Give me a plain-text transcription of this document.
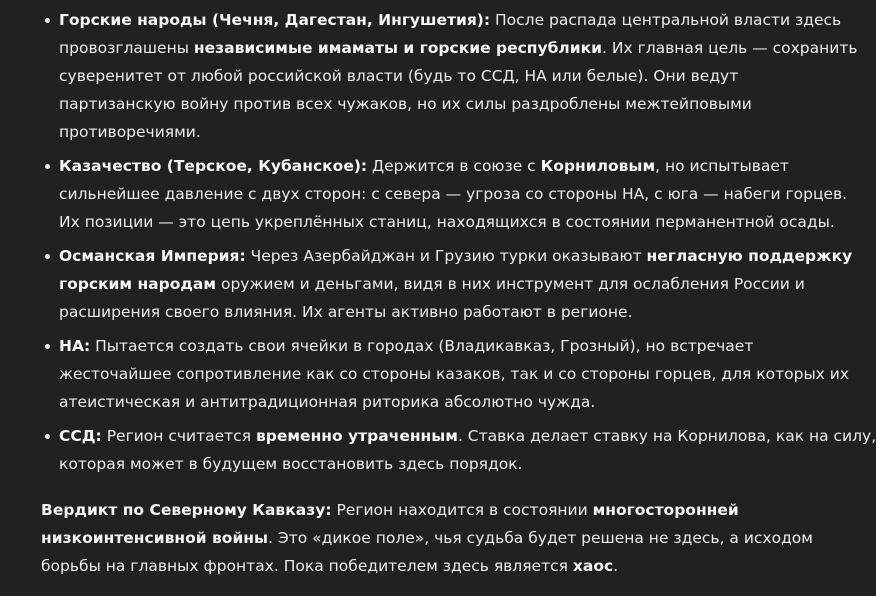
Горские народы (Чечня, Дагестан, Ингушетия): После распада центральной власти здесь
провозглашены независимые имаматы и горские республики. Их главная цель — сохранить
суверенитет от любой российской власти (будь то ССД, НА или белые). Они ведут
партизанскую войну против всех чужаков, но их силы раздроблены межтейповыми
противоречиями.
Казачество (Терское, Кубанское): Держится в союзе с Корниловым, но испытывает
сильнейшее давление с двух сторон: с севера — угроза со стороны НА, с юга — набеги горцев.
Их позиции — это цепь укреплённых станиц, находящихся в состоянии перманентной осады.
Османская Империя: Через Азербайджан и Грузию турки оказывают негласную поддержку
горским народам оружием и деньгами, видя в них инструмент для ослабления России и
расширения своего влияния. Их агенты активно работают в регионе.
НА: Пытается создать свои ячейки в городах (Владикавказ, Грозный), но встречает
жесточайшее сопротивление как со стороны казаков, так и со стороны горцев, для которых их
атеистическая и антитрадиционная риторика абсолютно чужда.
ССД: Регион считается временно утраченным. Ставка делает ставку на Корнилова, как на силу,
которая может в будущем восстановить здесь порядок.

Вердикт по Северному Кавказу: Регион находится в состоянии многосторонней
низкоинтенсивной войны. Это «дикое поле», чья судьба будет решена не здесь, а исходом
борьбы на главных фронтах. Пока победителем здесь является хаос.
